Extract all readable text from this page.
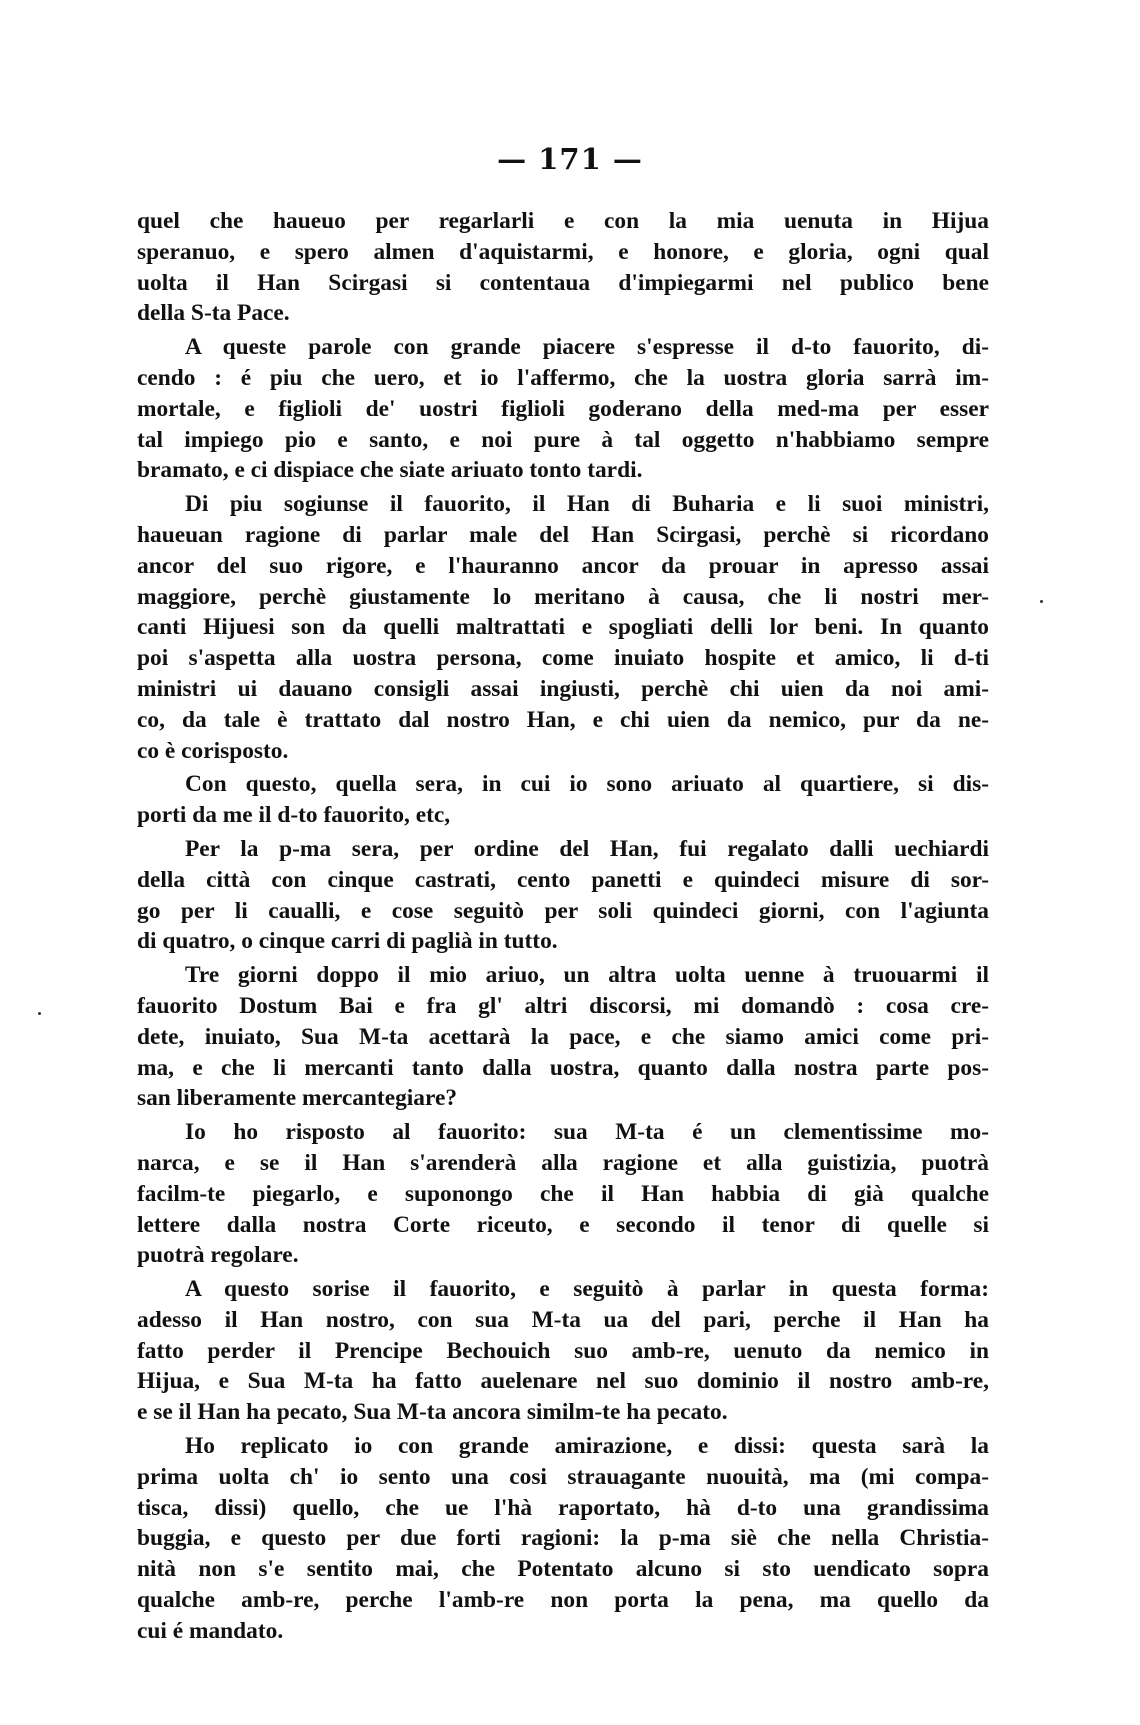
— 171 —
quel che haueuo per regarlarli e con la mia uenuta in Hijua
speranuo, e spero almen d'aquistarmi, e honore, e gloria, ogni qual
uolta il Han Scirgasi si contentaua d'impiegarmi nel publico bene
della S-ta Pace.
A queste parole con grande piacere s'espresse il d-to fauorito, di-
cendo : é piu che uero, et io l'affermo, che la uostra gloria sarrà im-
mortale, e figlioli de' uostri figlioli goderano della med-ma per esser
tal impiego pio e santo, e noi pure à tal oggetto n'habbiamo sempre
bramato, e ci dispiace che siate ariuato tonto tardi.
Di piu sogiunse il fauorito, il Han di Buharia e li suoi ministri,
haueuan ragione di parlar male del Han Scirgasi, perchè si ricordano
ancor del suo rigore, e l'hauranno ancor da prouar in apresso assai
maggiore, perchè giustamente lo meritano à causa, che li nostri mer-
canti Hijuesi son da quelli maltrattati e spogliati delli lor beni. In quanto
poi s'aspetta alla uostra persona, come inuiato hospite et amico, li d-ti
ministri ui dauano consigli assai ingiusti, perchè chi uien da noi ami-
co, da tale è trattato dal nostro Han, e chi uien da nemico, pur da ne-
co è corisposto.
Con questo, quella sera, in cui io sono ariuato al quartiere, si dis-
porti da me il d-to fauorito, etc,
Per la p-ma sera, per ordine del Han, fui regalato dalli uechiardi
della città con cinque castrati, cento panetti e quindeci misure di sor-
go per li caualli, e cose seguitò per soli quindeci giorni, con l'agiunta
di quatro, o cinque carri di paglià in tutto.
Tre giorni doppo il mio ariuo, un altra uolta uenne à truouarmi il
fauorito Dostum Bai e fra gl' altri discorsi, mi domandò : cosa cre-
dete, inuiato, Sua M-ta acettarà la pace, e che siamo amici come pri-
ma, e che li mercanti tanto dalla uostra, quanto dalla nostra parte pos-
san liberamente mercantegiare?
Io ho risposto al fauorito: sua M-ta é un clementissime mo-
narca, e se il Han s'arenderà alla ragione et alla guistizia, puotrà
facilm-te piegarlo, e suponongo che il Han habbia di già qualche
lettere dalla nostra Corte riceuto, e secondo il tenor di quelle si
puotrà regolare.
A questo sorise il fauorito, e seguitò à parlar in questa forma:
adesso il Han nostro, con sua M-ta ua del pari, perche il Han ha
fatto perder il Prencipe Bechouich suo amb-re, uenuto da nemico in
Hijua, e Sua M-ta ha fatto auelenare nel suo dominio il nostro amb-re,
e se il Han ha pecato, Sua M-ta ancora similm-te ha pecato.
Ho replicato io con grande amirazione, e dissi: questa sarà la
prima uolta ch' io sento una cosi strauagante nuouità, ma (mi compa-
tisca, dissi) quello, che ue l'hà raportato, hà d-to una grandissima
buggia, e questo per due forti ragioni: la p-ma siè che nella Christia-
nità non s'e sentito mai, che Potentato alcuno si sto uendicato sopra
qualche amb-re, perche l'amb-re non porta la pena, ma quello da
cui é mandato.
